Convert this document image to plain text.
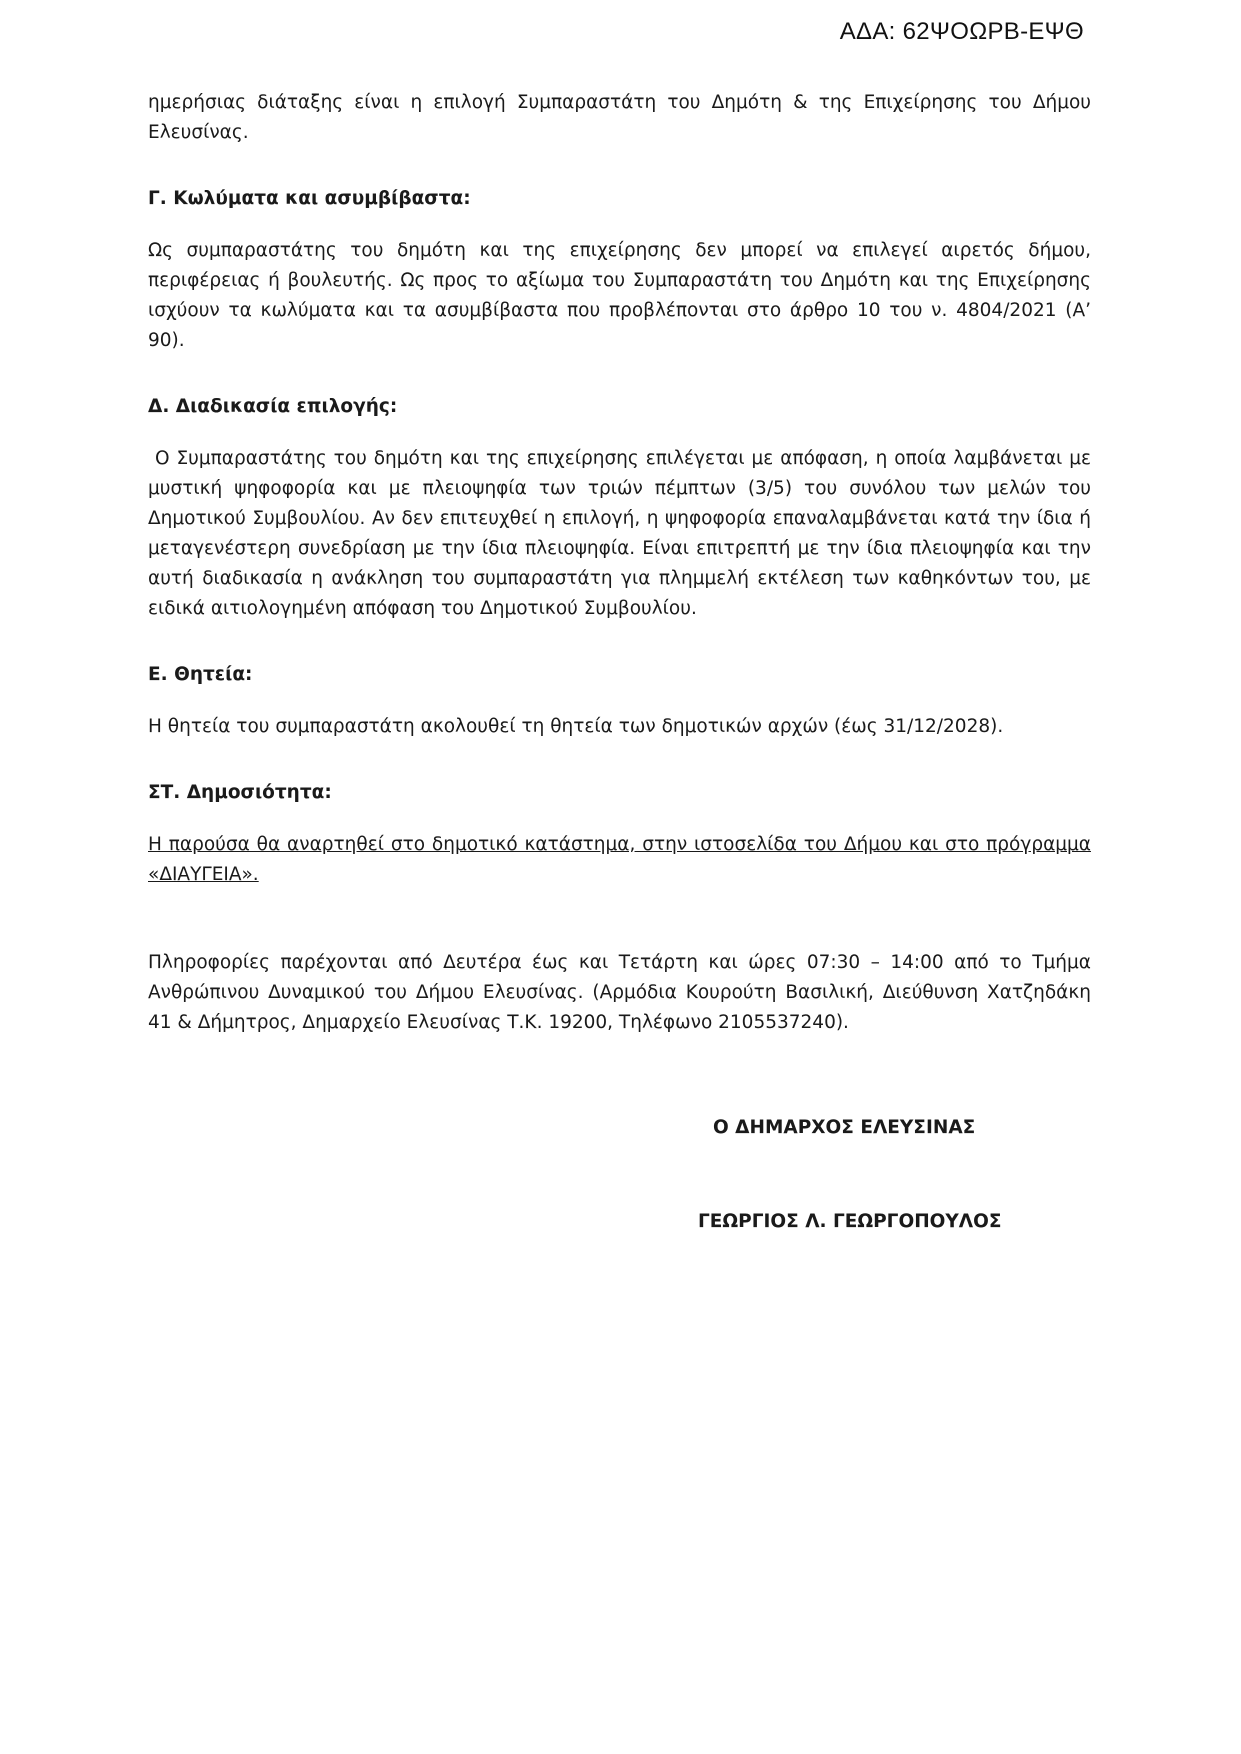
ΑΔΑ: 62ΨΟΩΡΒ-ΕΨΘ

ημερήσιας διάταξης είναι η επιλογή Συμπαραστάτη του Δημότη & της Επιχείρησης του Δήμου Ελευσίνας.

Γ. Κωλύματα και ασυμβίβαστα:

Ως συμπαραστάτης του δημότη και της επιχείρησης δεν μπορεί να επιλεγεί αιρετός δήμου, περιφέρειας ή βουλευτής. Ως προς το αξίωμα του Συμπαραστάτη του Δημότη και της Επιχείρησης ισχύουν τα κωλύματα και τα ασυμβίβαστα που προβλέπονται στο άρθρο 10 του ν. 4804/2021 (Α’ 90).

Δ. Διαδικασία επιλογής:

Ο Συμπαραστάτης του δημότη και της επιχείρησης επιλέγεται με απόφαση, η οποία λαμβάνεται με μυστική ψηφοφορία και με πλειοψηφία των τριών πέμπτων (3/5) του συνόλου των μελών του Δημοτικού Συμβουλίου. Αν δεν επιτευχθεί η επιλογή, η ψηφοφορία επαναλαμβάνεται κατά την ίδια ή μεταγενέστερη συνεδρίαση με την ίδια πλειοψηφία. Είναι επιτρεπτή με την ίδια πλειοψηφία και την αυτή διαδικασία η ανάκληση του συμπαραστάτη για πλημμελή εκτέλεση των καθηκόντων του, με ειδικά αιτιολογημένη απόφαση του Δημοτικού Συμβουλίου.

Ε. Θητεία:

Η θητεία του συμπαραστάτη ακολουθεί τη θητεία των δημοτικών αρχών (έως 31/12/2028).

ΣΤ. Δημοσιότητα:

Η παρούσα θα αναρτηθεί στο δημοτικό κατάστημα, στην ιστοσελίδα του Δήμου και στο πρόγραμμα «ΔΙΑΥΓΕΙΑ».

Πληροφορίες παρέχονται από Δευτέρα έως και Τετάρτη και ώρες 07:30 – 14:00 από το Τμήμα Ανθρώπινου Δυναμικού του Δήμου Ελευσίνας. (Αρμόδια Κουρούτη Βασιλική, Διεύθυνση Χατζηδάκη 41 & Δήμητρος, Δημαρχείο Ελευσίνας Τ.Κ. 19200, Τηλέφωνο 2105537240).

Ο ΔΗΜΑΡΧΟΣ ΕΛΕΥΣΙΝΑΣ
ΓΕΩΡΓΙΟΣ Λ. ΓΕΩΡΓΟΠΟΥΛΟΣ
